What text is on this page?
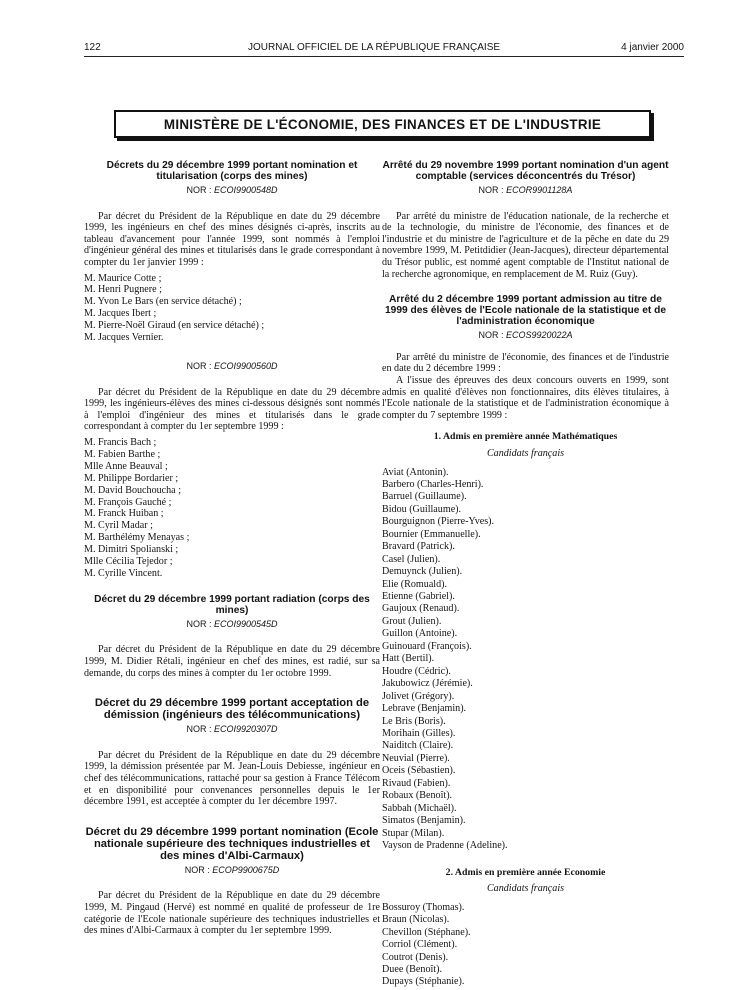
122	JOURNAL OFFICIEL DE LA RÉPUBLIQUE FRANÇAISE	4 janvier 2000
MINISTÈRE DE L'ÉCONOMIE, DES FINANCES ET DE L'INDUSTRIE

Décrets du 29 décembre 1999 portant nomination et titularisation (corps des mines)

NOR : ECOI9900548D

Par décret du Président de la République en date du 29 décembre 1999, les ingénieurs en chef des mines désignés ci-après, inscrits au tableau d'avancement pour l'année 1999, sont nommés à l'emploi d'ingénieur général des mines et titularisés dans le grade correspondant à compter du 1er janvier 1999 :

M. Maurice Cotte ;
M. Henri Pugnere ;
M. Yvon Le Bars (en service détaché) ;
M. Jacques Ibert ;
M. Pierre-Noël Giraud (en service détaché) ;
M. Jacques Vernier.

NOR : ECOI9900560D

Par décret du Président de la République en date du 29 décembre 1999, les ingénieurs-élèves des mines ci-dessous désignés sont nommés à l'emploi d'ingénieur des mines et titularisés dans le grade correspondant à compter du 1er septembre 1999 :

M. Francis Bach ;
M. Fabien Barthe ;
Mlle Anne Beauval ;
M. Philippe Bordarier ;
M. David Bouchoucha ;
M. François Gauché ;
M. Franck Huiban ;
M. Cyril Madar ;
M. Barthélémy Menayas ;
M. Dimitri Spolianski ;
Mlle Cécilia Tejedor ;
M. Cyrille Vincent.

Décret du 29 décembre 1999 portant radiation (corps des mines)

NOR : ECOI9900545D

Par décret du Président de la République en date du 29 décembre 1999, M. Didier Rétali, ingénieur en chef des mines, est radié, sur sa demande, du corps des mines à compter du 1er octobre 1999.

Décret du 29 décembre 1999 portant acceptation de démission (ingénieurs des télécommunications)

NOR : ECOI9920307D

Par décret du Président de la République en date du 29 décembre 1999, la démission présentée par M. Jean-Louis Debiesse, ingénieur en chef des télécommunications, rattaché pour sa gestion à France Télécom et en disponibilité pour convenances personnelles depuis le 1er décembre 1991, est acceptée à compter du 1er décembre 1997.

Décret du 29 décembre 1999 portant nomination (Ecole nationale supérieure des techniques industrielles et des mines d'Albi-Carmaux)

NOR : ECOP9900675D

Par décret du Président de la République en date du 29 décembre 1999, M. Pingaud (Hervé) est nommé en qualité de professeur de 1re catégorie de l'Ecole nationale supérieure des techniques industrielles et des mines d'Albi-Carmaux à compter du 1er septembre 1999.

Arrêté du 29 novembre 1999 portant nomination d'un agent comptable (services déconcentrés du Trésor)

NOR : ECOR9901128A

Par arrêté du ministre de l'éducation nationale, de la recherche et de la technologie, du ministre de l'économie, des finances et de l'industrie et du ministre de l'agriculture et de la pêche en date du 29 novembre 1999, M. Petitdidier (Jean-Jacques), directeur départemental du Trésor public, est nommé agent comptable de l'Institut national de la recherche agronomique, en remplacement de M. Ruiz (Guy).

Arrêté du 2 décembre 1999 portant admission au titre de 1999 des élèves de l'Ecole nationale de la statistique et de l'administration économique

NOR : ECOS9920022A

Par arrêté du ministre de l'économie, des finances et de l'industrie en date du 2 décembre 1999 :

A l'issue des épreuves des deux concours ouverts en 1999, sont admis en qualité d'élèves non fonctionnaires, dits élèves titulaires, à l'Ecole nationale de la statistique et de l'administration économique à compter du 7 septembre 1999 :

1. Admis en première année Mathématiques

Candidats français

Aviat (Antonin).
Barbero (Charles-Henri).
Barruel (Guillaume).
Bidou (Guillaume).
Bourguignon (Pierre-Yves).
Bournier (Emmanuelle).
Bravard (Patrick).
Casel (Julien).
Demuynck (Julien).
Elie (Romuald).
Etienne (Gabriel).
Gaujoux (Renaud).
Grout (Julien).
Guillon (Antoine).
Guinouard (François).
Hatt (Bertil).
Houdre (Cédric).
Jakubowicz (Jérémie).
Jolivet (Grégory).
Lebrave (Benjamin).
Le Bris (Boris).
Morihain (Gilles).
Naiditch (Claire).
Neuvial (Pierre).
Oceis (Sébastien).
Rivaud (Fabien).
Robaux (Benoît).
Sabbah (Michaël).
Simatos (Benjamin).
Stupar (Milan).
Vayson de Pradenne (Adeline).

2. Admis en première année Economie

Candidats français

Bossuroy (Thomas).
Braun (Nicolas).
Chevillon (Stéphane).
Corriol (Clément).
Coutrot (Denis).
Duee (Benoît).
Dupays (Stéphanie).
